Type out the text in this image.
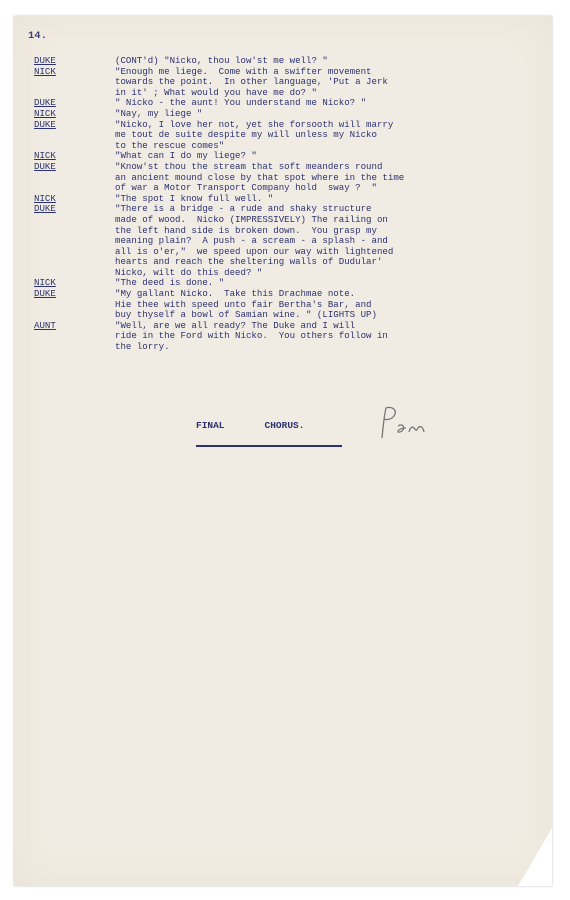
14.
DUKE	(CONT'd) "Nicko, thou low'st me well? "
NICK	"Enough me liege.  Come with a swifter movement
towards the point.  In other language, 'Put a Jerk
in it' ; What would you have me do? "
DUKE	" Nicko - the aunt! You understand me Nicko? "
NICK	"Nay, my liege "
DUKE	"Nicko, I love her not, yet she forsooth will marry
me tout de suite despite my will unless my Nicko
to the rescue comes"
NICK	"What can I do my liege? "
DUKE	"Know'st thou the stream that soft meanders round
an ancient mound close by that spot where in the time
of war a Motor Transport Company hold  sway ?  "
NICK	"The spot I know full well. "
DUKE	"There is a bridge - a rude and shaky structure
made of wood.  Nicko (IMPRESSIVELY) The railing on
the left hand side is broken down.  You grasp my
meaning plain?  A push - a scream - a splash - and
all is o'er,"  we speed upon our way with lightened
hearts and reach the sheltering walls of Dudular'
Nicko, wilt do this deed? "
NICK	"The deed is done. "
DUKE	"My gallant Nicko.  Take this Drachmae note.
Hie thee with speed unto fair Bertha's Bar, and
buy thyself a bowl of Samian wine. " (LIGHTS UP)
AUNT	"Well, are we all ready? The Duke and I will
ride in the Ford with Nicko.  You others follow in
the lorry.
FINAL	CHORUS.
